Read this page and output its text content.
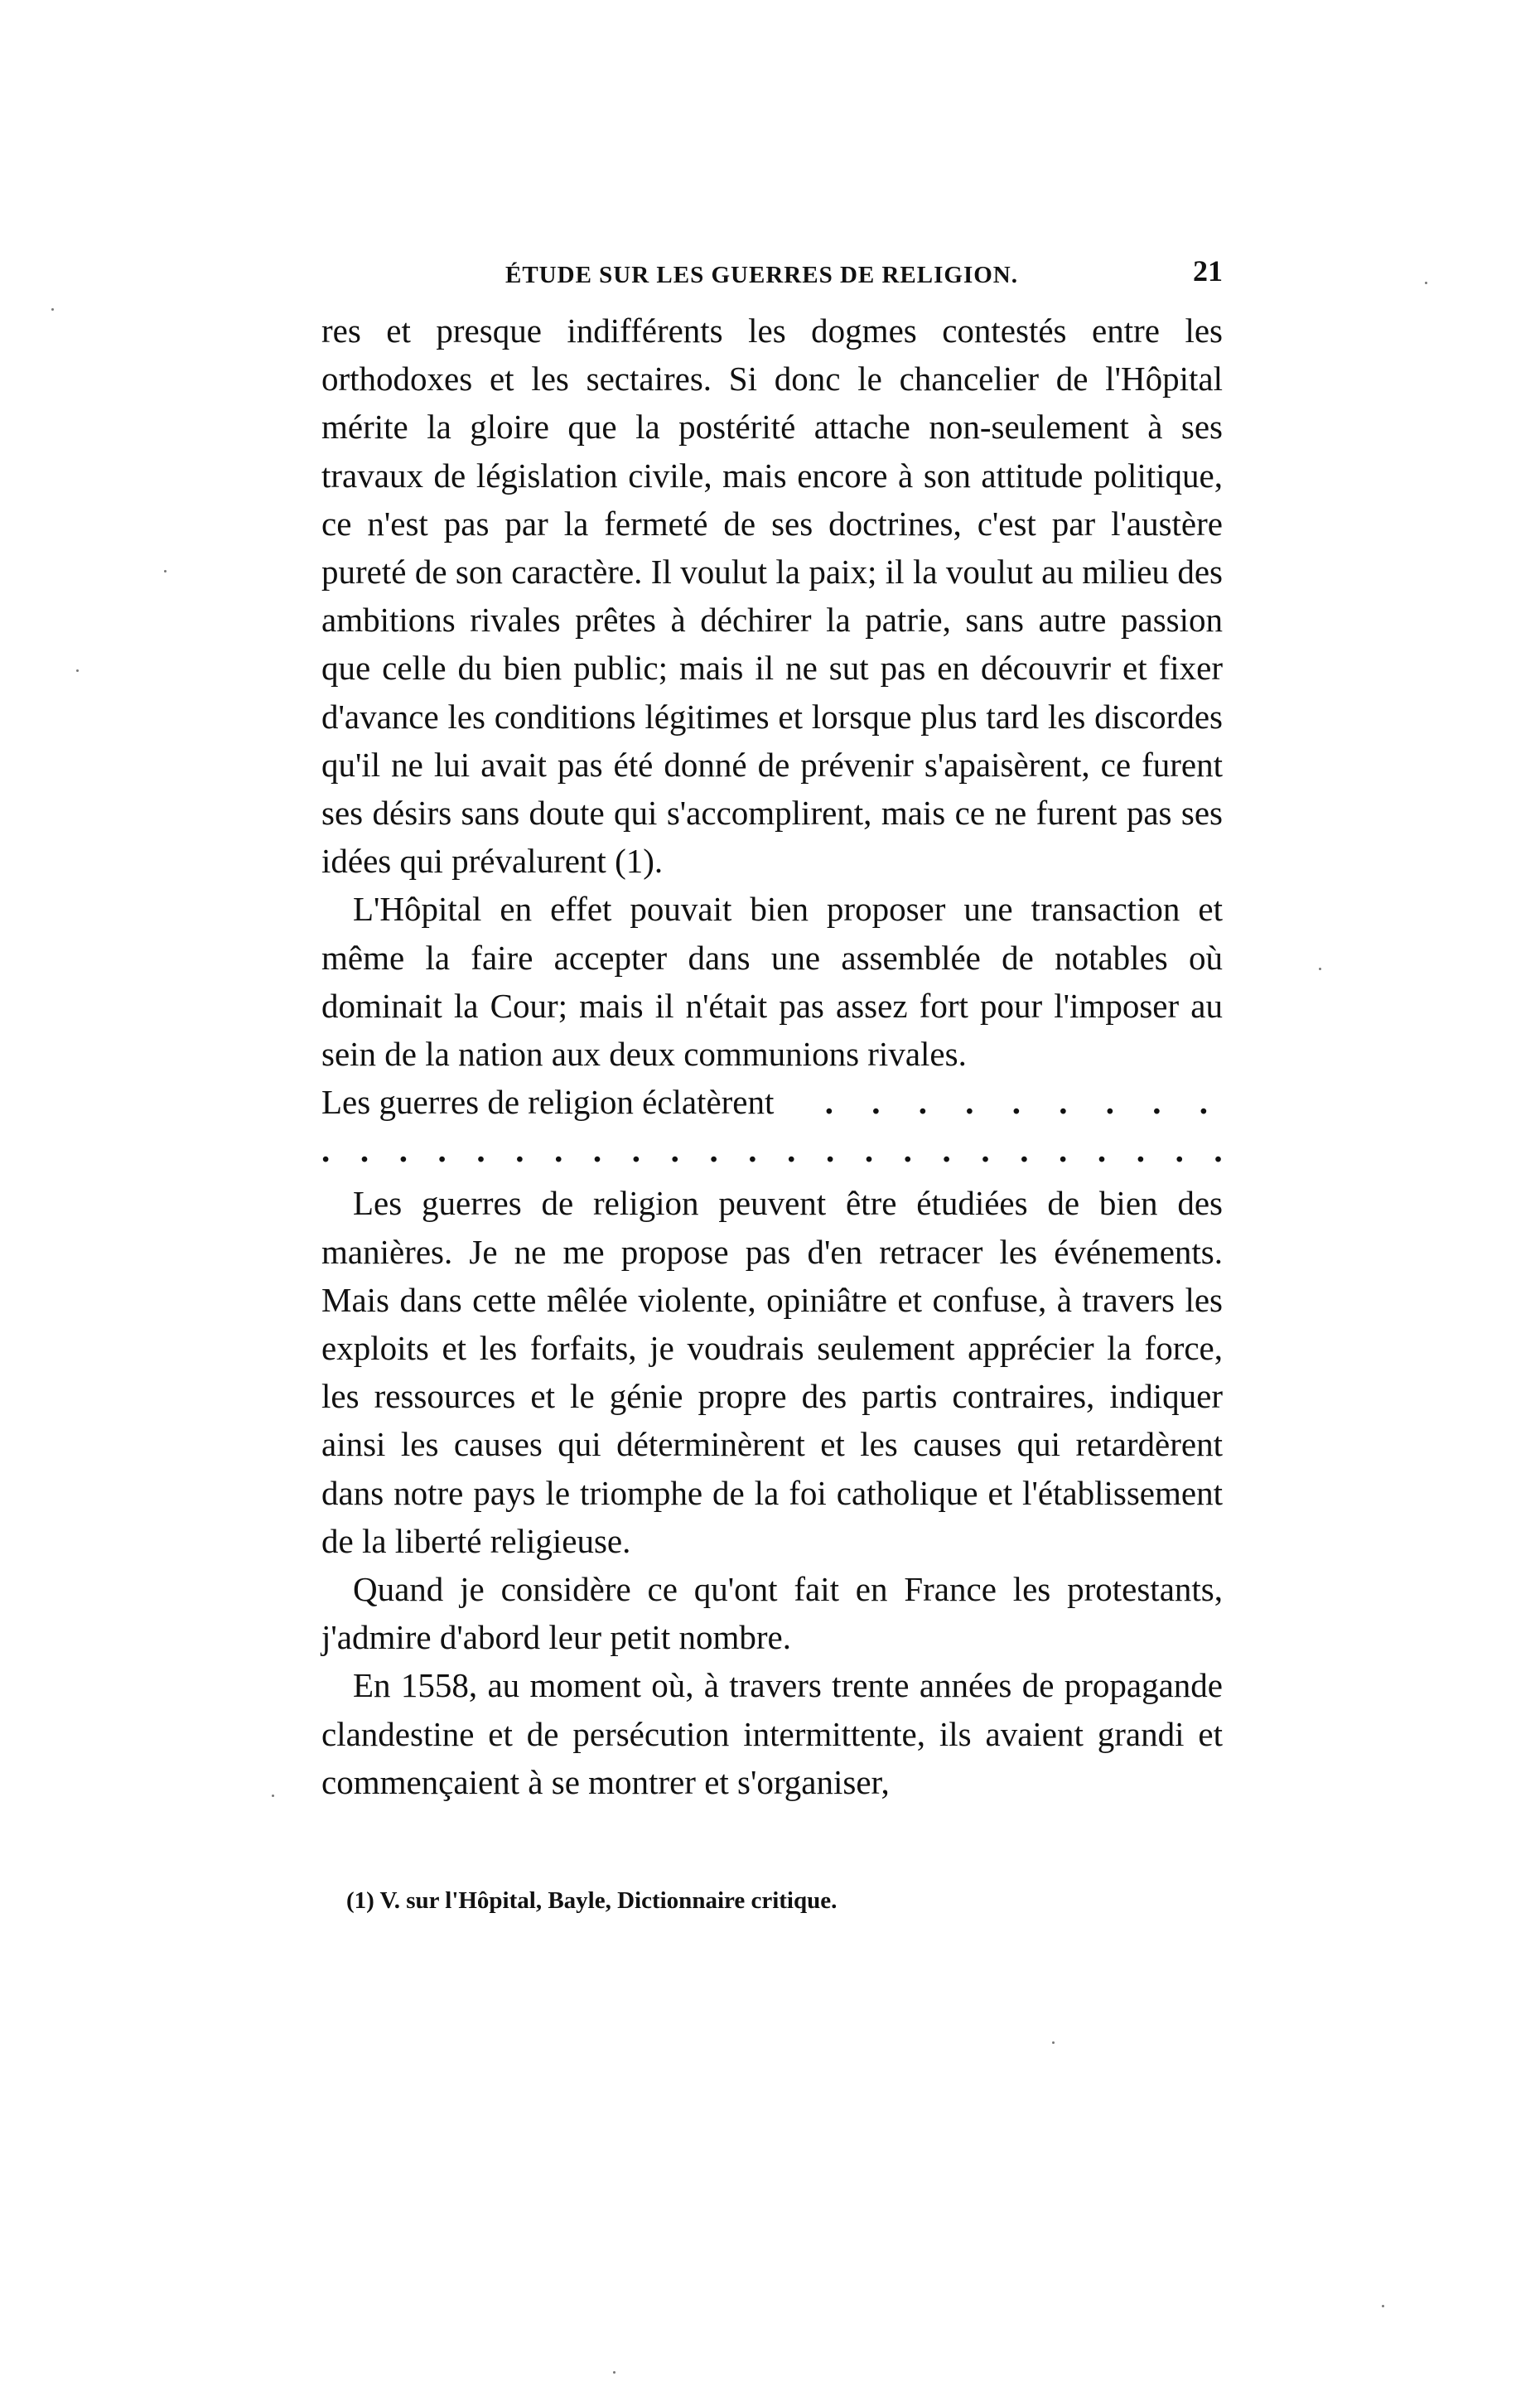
ÉTUDE SUR LES GUERRES DE RELIGION.	21

res et presque indifférents les dogmes contestés entre les orthodoxes et les sectaires. Si donc le chancelier de l'Hôpital mérite la gloire que la postérité attache non-seulement à ses travaux de législation civile, mais encore à son attitude politique, ce n'est pas par la fermeté de ses doctrines, c'est par l'austère pureté de son caractère. Il voulut la paix; il la voulut au milieu des ambitions rivales prêtes à déchirer la patrie, sans autre passion que celle du bien public; mais il ne sut pas en découvrir et fixer d'avance les conditions légitimes et lorsque plus tard les discordes qu'il ne lui avait pas été donné de prévenir s'apaisèrent, ce furent ses désirs sans doute qui s'accomplirent, mais ce ne furent pas ses idées qui prévalurent (1).

L'Hôpital en effet pouvait bien proposer une transaction et même la faire accepter dans une assemblée de notables où dominait la Cour; mais il n'était pas assez fort pour l'imposer au sein de la nation aux deux communions rivales.

Les guerres de religion éclatèrent . . . . . . . . .
. . . . . . . . . . . . . . . . . . . . . . . .

Les guerres de religion peuvent être étudiées de bien des manières. Je ne me propose pas d'en retracer les événements. Mais dans cette mêlée violente, opiniâtre et confuse, à travers les exploits et les forfaits, je voudrais seulement apprécier la force, les ressources et le génie propre des partis contraires, indiquer ainsi les causes qui déterminèrent et les causes qui retardèrent dans notre pays le triomphe de la foi catholique et l'établissement de la liberté religieuse.

Quand je considère ce qu'ont fait en France les protestants, j'admire d'abord leur petit nombre.

En 1558, au moment où, à travers trente années de propagande clandestine et de persécution intermittente, ils avaient grandi et commençaient à se montrer et s'organiser,

(1) V. sur l'Hôpital, Bayle, Dictionnaire critique.
